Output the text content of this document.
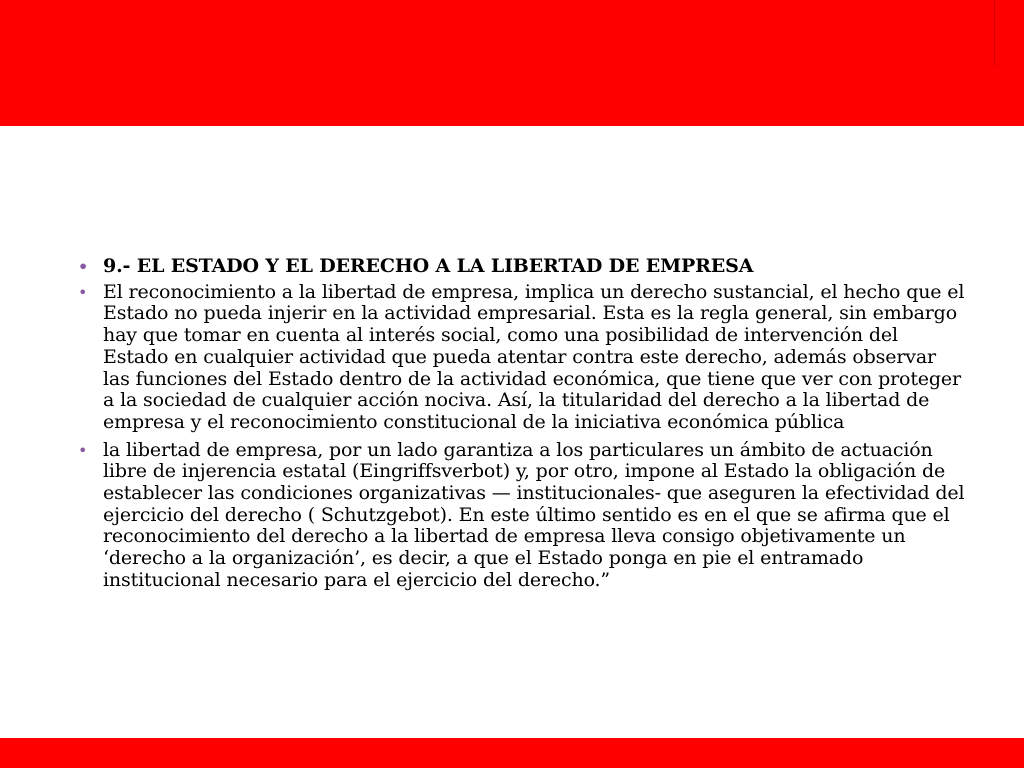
• 9.- EL ESTADO Y EL DERECHO A LA LIBERTAD DE EMPRESA
• El reconocimiento a la libertad de empresa, implica un derecho sustancial, el hecho que el Estado no pueda injerir en la actividad empresarial. Esta es la regla general, sin embargo hay que tomar en cuenta al interés social, como una posibilidad de intervención del Estado en cualquier actividad que pueda atentar contra este derecho, además observar las funciones del Estado dentro de la actividad económica, que tiene que ver con proteger a la sociedad de cualquier acción nociva. Así, la titularidad del derecho a la libertad de empresa y el reconocimiento constitucional de la iniciativa económica pública
• la libertad de empresa, por un lado garantiza a los particulares un ámbito de actuación libre de injerencia estatal (Eingriffsverbot) y, por otro, impone al Estado la obligación de establecer las condiciones organizativas — institucionales- que aseguren la efectividad del ejercicio del derecho ( Schutzgebot). En este último sentido es en el que se afirma que el reconocimiento del derecho a la libertad de empresa lleva consigo objetivamente un ‘derecho a la organización’, es decir, a que el Estado ponga en pie el entramado institucional necesario para el ejercicio del derecho.”
